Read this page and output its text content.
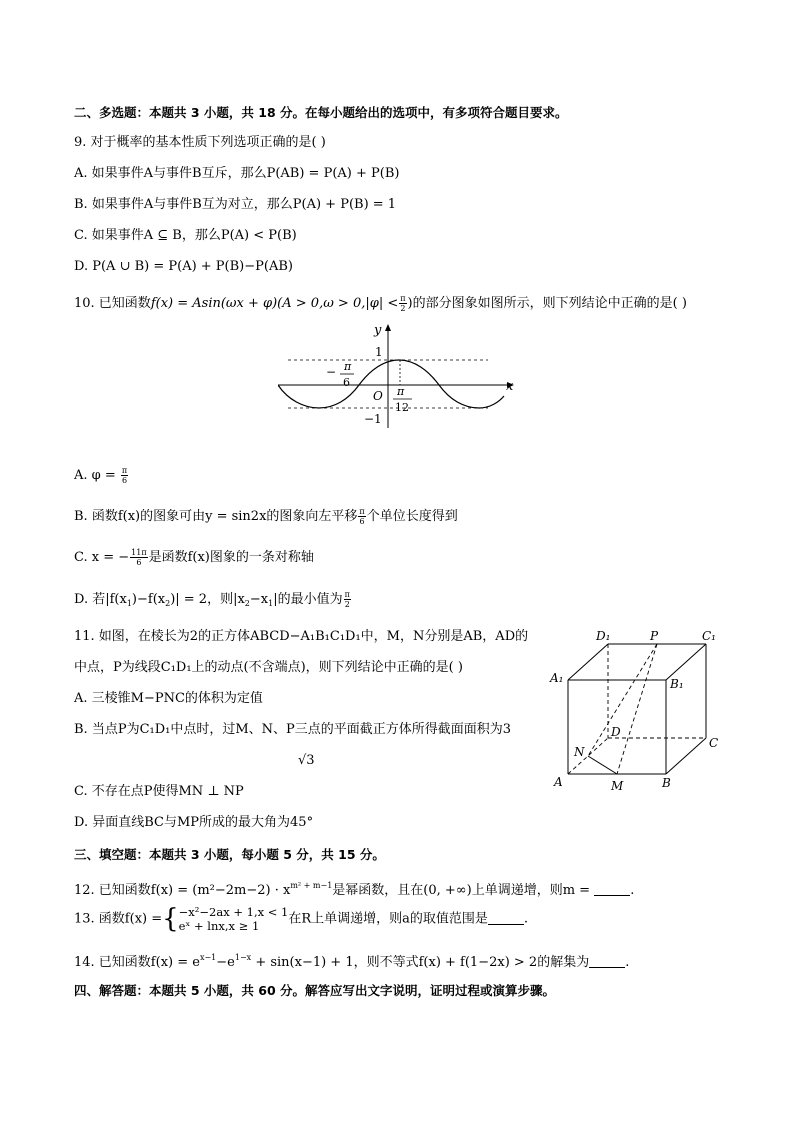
二、多选题：本题共 3 小题，共 18 分。在每小题给出的选项中，有多项符合题目要求。
9. 对于概率的基本性质下列选项正确的是( )
A. 如果事件A与事件B互斥，那么P(AB) = P(A) + P(B)
B. 如果事件A与事件B互为对立，那么P(A) + P(B) = 1
C. 如果事件A ⊆ B，那么P(A) < P(B)
D. P(A ∪ B) = P(A) + P(B)−P(AB)
10. 已知函数$f(x) = Asin(\omega x + \varphi)(A > 0,\omega > 0,|\varphi| < \frac{\pi}{2}$ )的部分图象如图所示，则下列结论中正确的是( )
y
x
1
O
−1
− π
6
π
12
A. $\varphi = \frac{\pi}{6}$
B. 函数f(x)的图象可由y = sin2x的图象向左平移 $\frac{\pi}{6}$ 个单位长度得到
C. x = − $\frac{11\pi}{6}$ 是函数f(x)图象的一条对称轴
D. 若$|f(x_1)-f(x_2)| = 2$，则$|x_2-x_1|$的最小值为 $\frac{\pi}{2}$
11. 如图，在棱长为2的正方体ABCD−A₁B₁C₁D₁中，M，N分别是AB，AD的
中点，P为线段C₁D₁上的动点(不含端点)，则下列结论中正确的是( )
A. 三棱锥M−PNC的体积为定值
B. 当点P为C₁D₁中点时，过M、N、P三点的平面截正方体所得截面面积为3
√3
C. 不存在点P使得MN ⊥ NP
D. 异面直线BC与MP所成的最大角为45°
D₁	P	C₁
A₁	B₁
D
C
N
A	M	B
三、填空题：本题共 3 小题，每小题 5 分，共 15 分。
12. 已知函数$f(x) = (m^2-2m-2) \cdot x^{m^2 + m-1}$是幂函数，且在(0, +∞)上单调递增，则m =	.
13. 函数f(x) ={ −x²−2ax + 1,x < 1
eˣ + lnx,x ≥ 1	在R上单调递增，则a的取值范围是	.
14. 已知函数$f(x) = e^{x-1}-e^{1-x} + \sin(x-1) + 1$，则不等式f(x) + f(1−2x) > 2的解集为	.
四、解答题：本题共 5 小题，共 60 分。解答应写出文字说明，证明过程或演算步骤。
